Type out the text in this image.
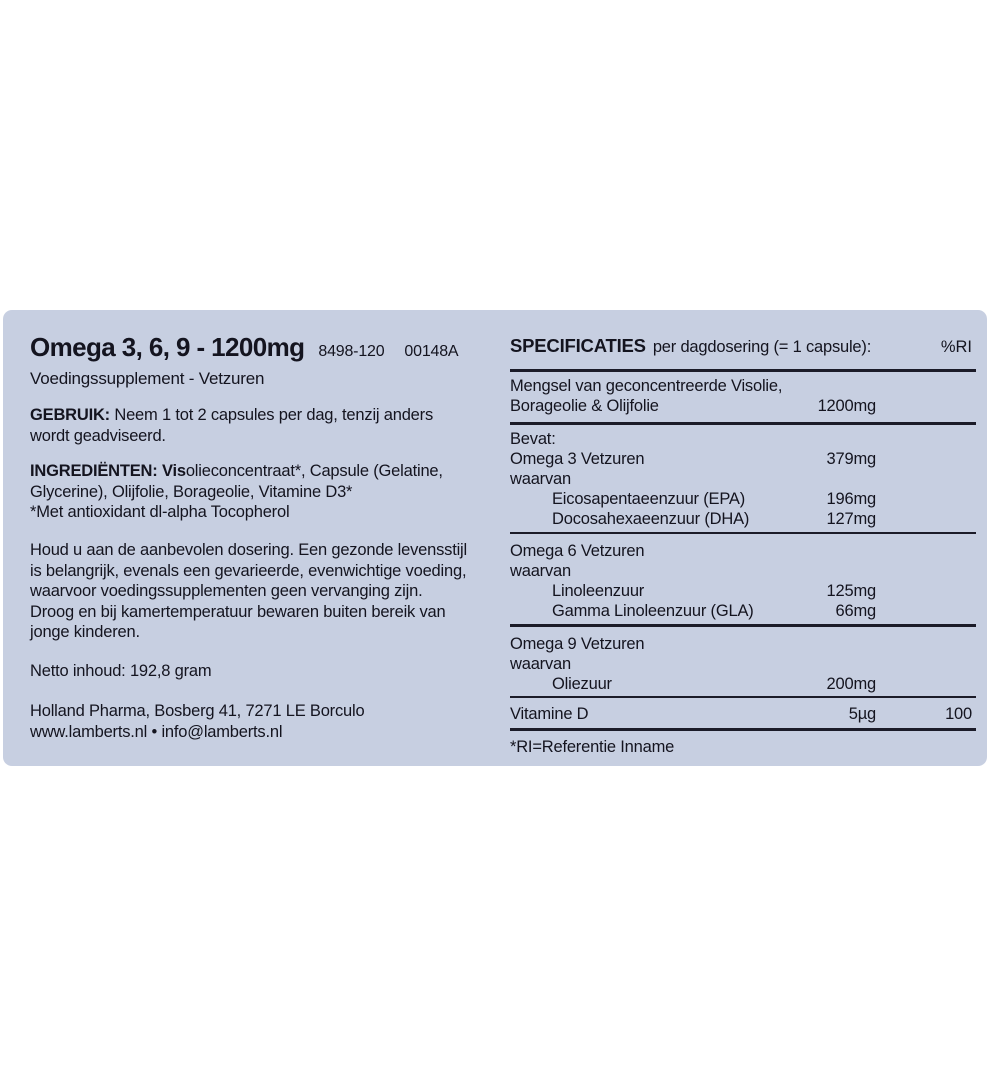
Omega 3, 6, 9 - 1200mg 8498-120 00148A
Voedingssupplement - Vetzuren
GEBRUIK: Neem 1 tot 2 capsules per dag, tenzij anders
wordt geadviseerd.
INGREDIËNTEN: Visolieconcentraat*, Capsule (Gelatine,
Glycerine), Olijfolie, Borageolie, Vitamine D3*
*Met antioxidant dl-alpha Tocopherol
Houd u aan de aanbevolen dosering. Een gezonde levensstijl
is belangrijk, evenals een gevarieerde, evenwichtige voeding,
waarvoor voedingssupplementen geen vervanging zijn.
Droog en bij kamertemperatuur bewaren buiten bereik van
jonge kinderen.
Netto inhoud: 192,8 gram
Holland Pharma, Bosberg 41, 7271 LE Borculo
www.lamberts.nl • info@lamberts.nl
SPECIFICATIES per dagdosering (= 1 capsule):	%RI
Mengsel van geconcentreerde Visolie,
Borageolie & Olijfolie	1200mg
Bevat:
Omega 3 Vetzuren	379mg
waarvan
Eicosapentaeenzuur (EPA)	196mg
Docosahexaeenzuur (DHA)	127mg
Omega 6 Vetzuren
waarvan
Linoleenzuur	125mg
Gamma Linoleenzuur (GLA)	66mg
Omega 9 Vetzuren
waarvan
Oliezuur	200mg
Vitamine D	5µg	100
*RI=Referentie Inname
